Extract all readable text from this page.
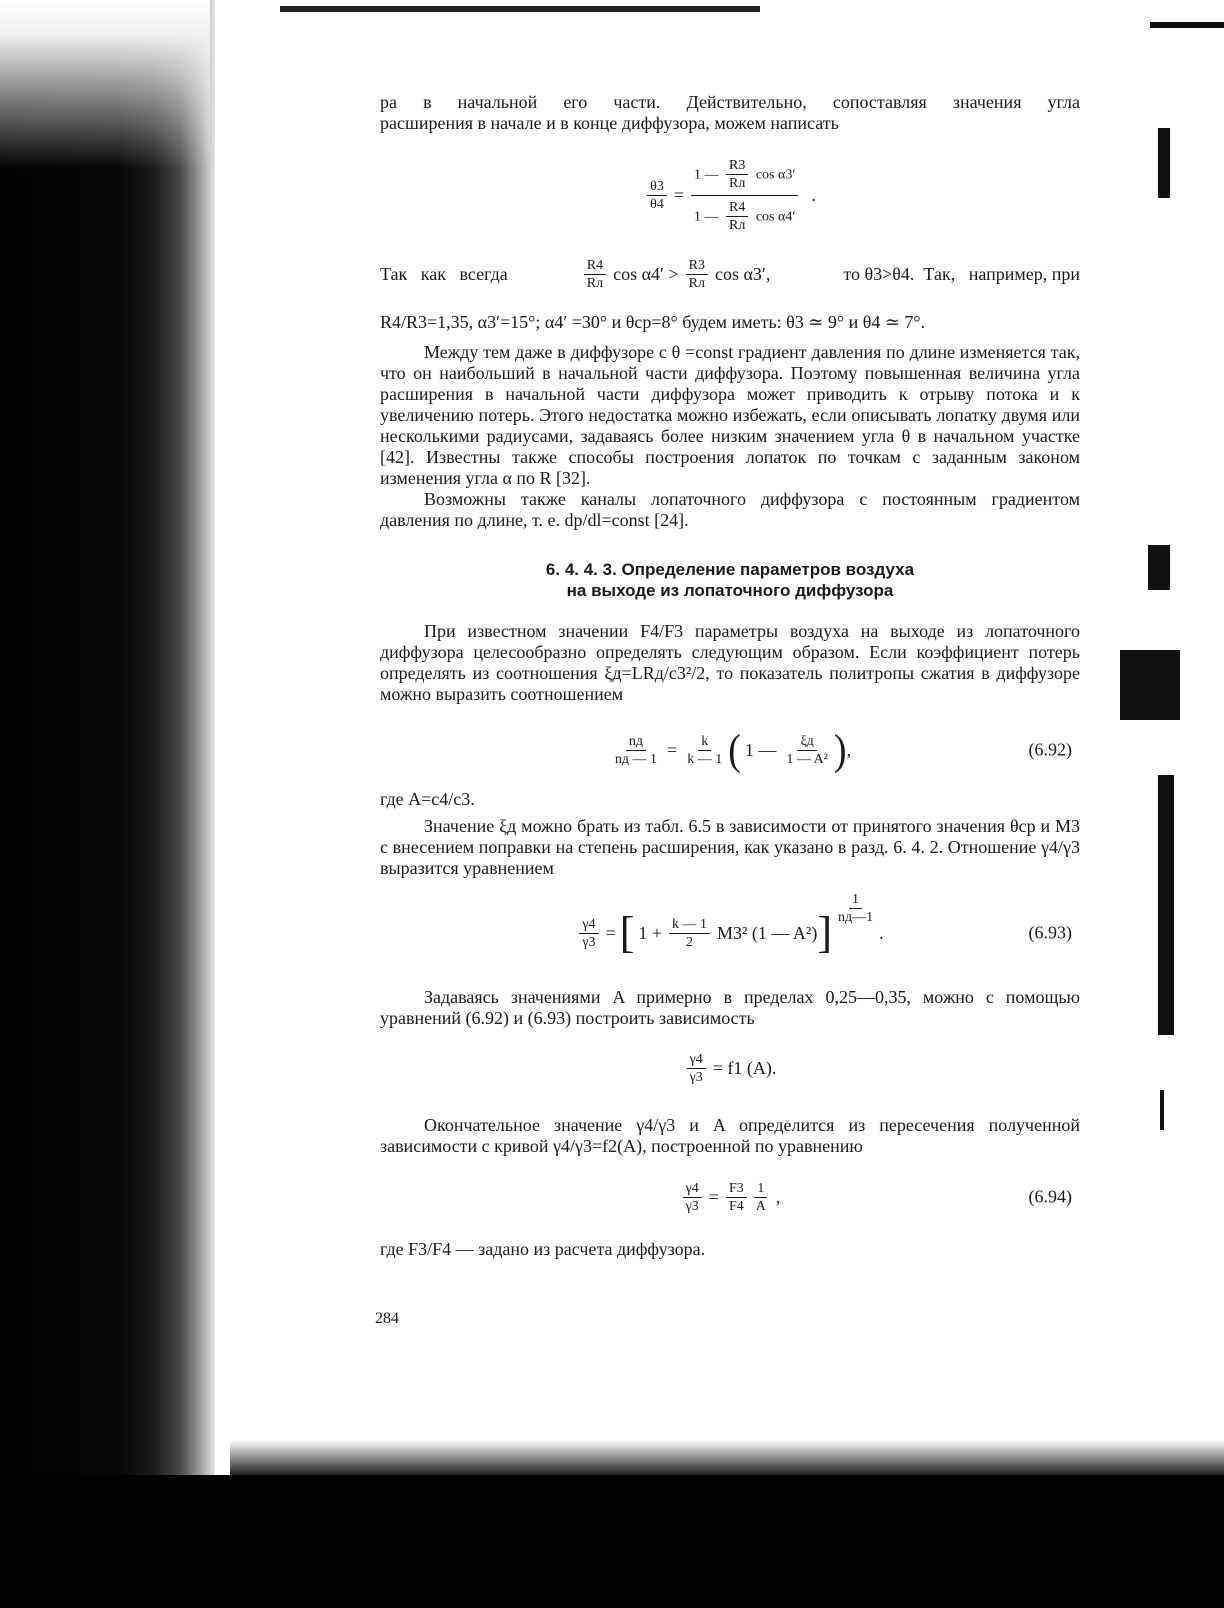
ра в начальной его части. Действительно, сопоставляя значения угла

расширения в начале и в конце диффузора, можем написать

$\frac{\theta 3}{\theta 4}$ =
1 — $\frac{R3}{Rл}$ cos α3′
1 — $\frac{R4}{Rл}$ cos α4′
.
Так   как   всегда	$\frac{R4}{Rл}$ $\cos \alpha 4' > \frac{R3}{Rл}$ cos α3′,	то θ3>θ4.  Так,   например, при

R4/R3=1,35, α3′=15°; α4′ =30° и θср=8° будем иметь: θ3 ≃ 9° и θ4 ≃ 7°.

Между тем даже в диффузоре с θ =const градиент давления по длине изменяется так, что он наибольший в начальной части диффузора. Поэтому повышенная величина угла расширения в начальной части диффузора может приводить к отрыву потока и к увеличению потерь. Этого недостатка можно избежать, если описывать лопатку двумя или несколькими радиусами, задаваясь более низким значением угла θ в начальном участке [42]. Известны также способы построения лопаток по точкам с заданным законом изменения угла α по R [32].

Возможны также каналы лопаточного диффузора с постоянным градиентом давления по длине, т. е. dp/dl=const [24].

6. 4. 4. 3. Определение параметров воздуха
на выходе из лопаточного диффузора

При известном значении F4/F3 параметры воздуха на выходе из лопаточного диффузора целесообразно определять следующим образом. Если коэффициент потерь определять из соотношения ξд=LRд/c3²/2, то показатель политропы сжатия в диффузоре можно выразить соотношением

$\frac{nд}{nд — 1} = \frac{k}{k — 1}$ ( 1 — $\frac{\xi д}{\text{1 — A²}}$ ) ,	(6.92)

где A=c4/c3.

Значение ξд можно брать из табл. 6.5 в зависимости от принятого значения θср и M3 с внесением поправки на степень расширения, как указано в разд. 6. 4. 2. Отношение γ4/γ3 выразится уравнением

$\frac{\gamma 4}{\gamma 3}$ = [ $1 + \frac{k — 1}{2} M3^2$ (1 — A²) ] $\frac{1}{nд—1}$
.	(6.93)

Задаваясь значениями A примерно в пределах 0,25—0,35, можно с помощью уравнений (6.92) и (6.93) построить зависимость

$\frac{\gamma 4}{\gamma 3} = f1$ (A).

Окончательное значение γ4/γ3 и A определится из пересечения полученной зависимости с кривой γ4/γ3=f2(A), построенной по уравнению

$\frac{\gamma 4}{\gamma 3} = \frac{F3}{F4} \frac{1}{A}$ ,	(6.94)

где F3/F4 — задано из расчета диффузора.

284
